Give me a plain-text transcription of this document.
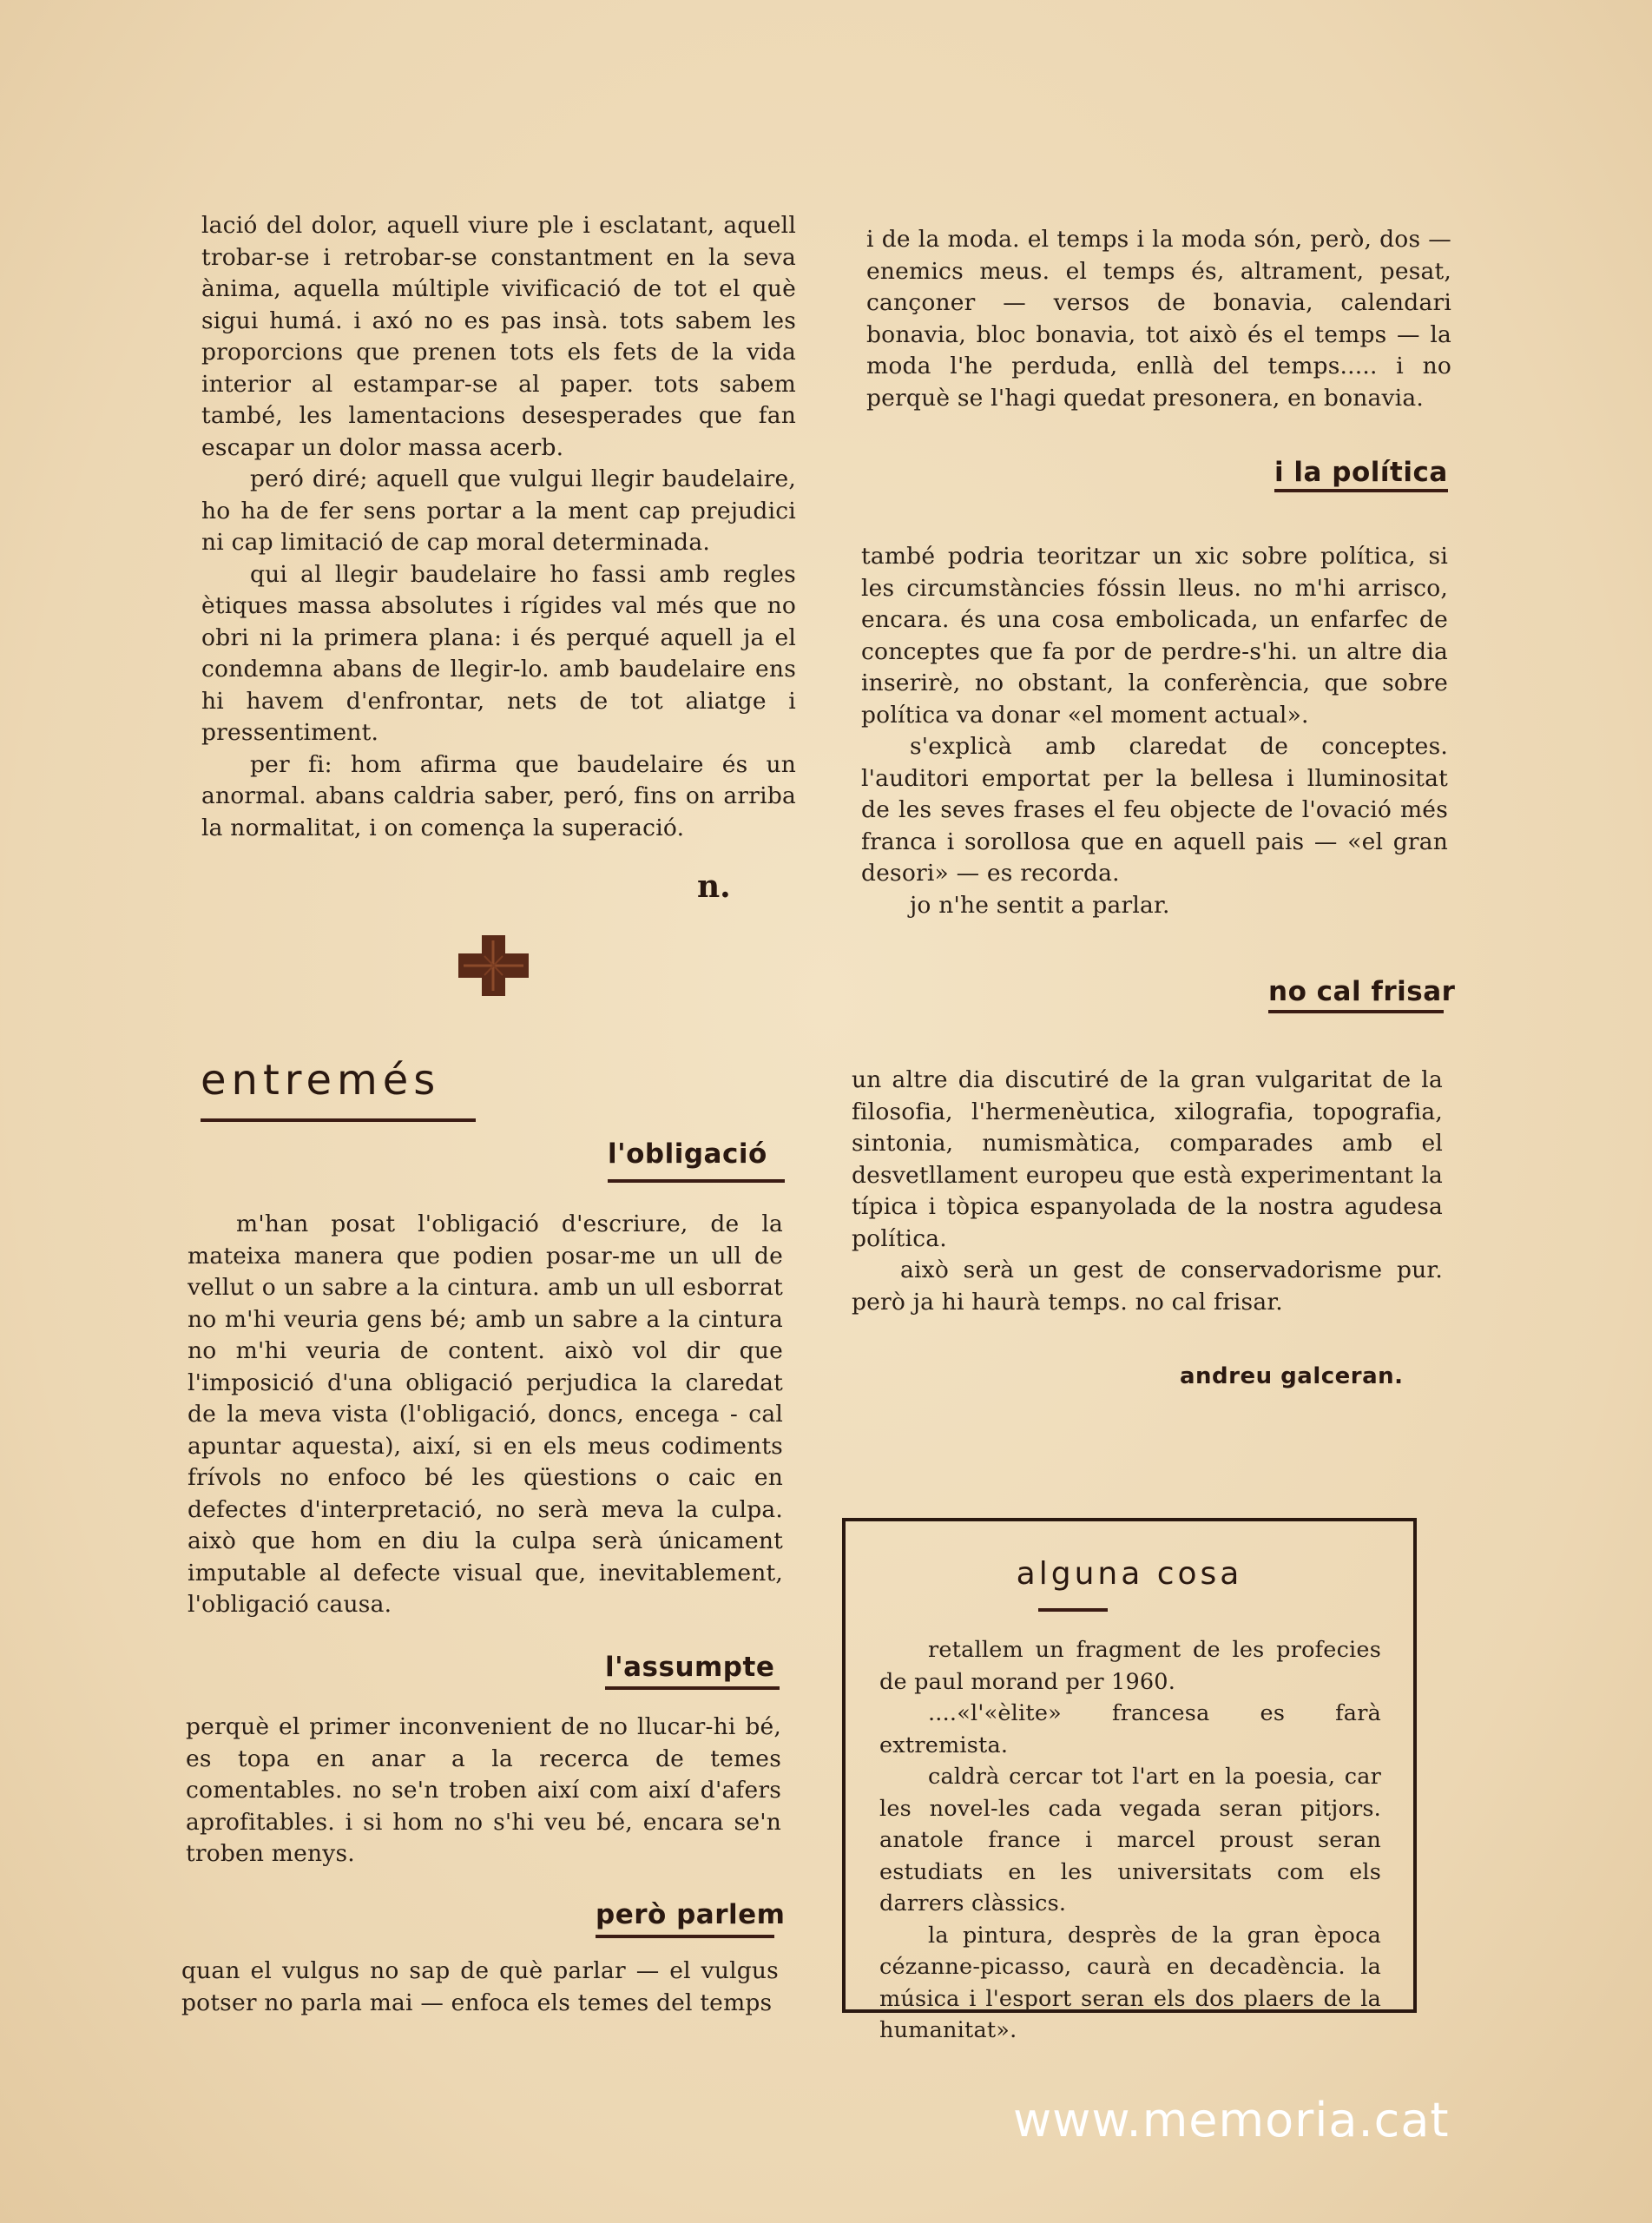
lació del dolor, aquell viure ple i esclatant, aquell trobar-se i retrobar-se constantment en la seva ànima, aquella múltiple vivificació de tot el què sigui humá. i axó no es pas insà. tots sabem les proporcions que prenen tots els fets de la vida interior al estampar-se al paper. tots sabem també, les lamentacions desesperades que fan escapar un dolor massa acerb.

peró diré; aquell que vulgui llegir baudelaire, ho ha de fer sens portar a la ment cap prejudici ni cap limitació de cap moral determinada.

qui al llegir baudelaire ho fassi amb regles ètiques massa absolutes i rígides val més que no obri ni la primera plana: i és perqué aquell ja el condemna abans de llegir-lo. amb baudelaire ens hi havem d'enfrontar, nets de tot aliatge i pressentiment.

per fi: hom afirma que baudelaire és un anormal. abans caldria saber, peró, fins on arriba la normalitat, i on comença la superació.

n.
entremés
l'obligació

m'han posat l'obligació d'escriure, de la mateixa manera que podien posar-me un ull de vellut o un sabre a la cintura. amb un ull esborrat no m'hi veuria gens bé; amb un sabre a la cintura no m'hi veuria de content. això vol dir que l'imposició d'una obligació perjudica la claredat de la meva vista (l'obligació, doncs, encega - cal apuntar aquesta), així, si en els meus codiments frívols no enfoco bé les qüestions o caic en defectes d'interpretació, no serà meva la culpa. això que hom en diu la culpa serà únicament imputable al defecte visual que, inevitablement, l'obligació causa.

l'assumpte

perquè el primer inconvenient de no llucar-hi bé, es topa en anar a la recerca de temes comentables. no se'n troben així com així d'afers aprofitables. i si hom no s'hi veu bé, encara se'n troben menys.

però parlem

quan el vulgus no sap de què parlar — el vulgus potser no parla mai — enfoca els temes del temps

i de la moda. el temps i la moda són, però, dos — enemics meus. el temps és, altrament, pesat, cançoner — versos de bonavia, calendari bonavia, bloc bonavia, tot això és el temps — la moda l'he perduda, enllà del temps..... i no perquè se l'hagi quedat presonera, en bonavia.

i la política

també podria teoritzar un xic sobre política, si les circumstàncies fóssin lleus. no m'hi arrisco, encara. és una cosa embolicada, un enfarfec de conceptes que fa por de perdre-s'hi. un altre dia inserirè, no obstant, la conferència, que sobre política va donar «el moment actual».

s'explicà amb claredat de conceptes. l'auditori emportat per la bellesa i lluminositat de les seves frases el feu objecte de l'ovació més franca i sorollosa que en aquell pais — «el gran desori» — es recorda.

jo n'he sentit a parlar.

no cal frisar

un altre dia discutiré de la gran vulgaritat de la filosofia, l'hermenèutica, xilografia, topografia, sintonia, numismàtica, comparades amb el desvetllament europeu que està experimentant la típica i tòpica espanyolada de la nostra agudesa política.

això serà un gest de conservadorisme pur. però ja hi haurà temps. no cal frisar.

andreu galceran.
alguna cosa

retallem un fragment de les profecies de paul morand per 1960.

....«l'«èlite» francesa es farà extremista.

caldrà cercar tot l'art en la poesia, car les novel-les cada vegada seran pitjors. anatole france i marcel proust seran estudiats en les universitats com els darrers clàssics.

la pintura, desprès de la gran època cézanne-picasso, caurà en decadència. la música i l'esport seran els dos plaers de la humanitat».

www.memoria.cat
